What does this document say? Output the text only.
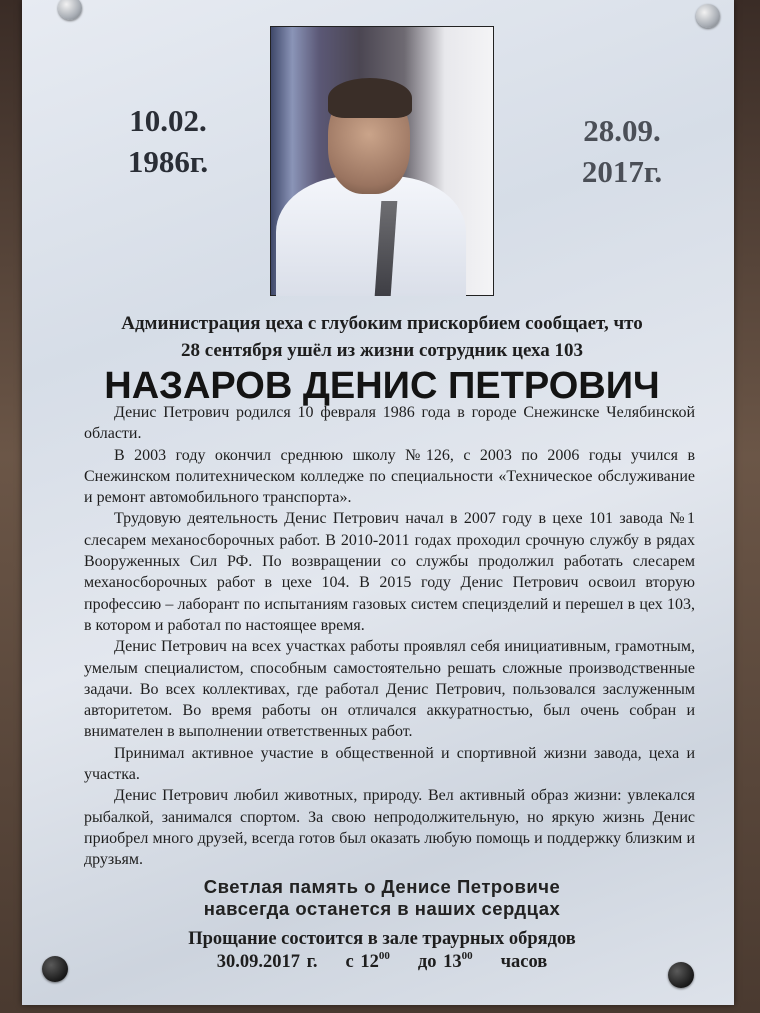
10.02.
1986г.
28.09.
2017г.
Администрация цеха с глубоким прискорбием сообщает, что
28 сентября ушёл из жизни сотрудник цеха 103
НАЗАРОВ ДЕНИС ПЕТРОВИЧ

Денис Петрович родился 10 февраля 1986 года в городе Снежинске Челябинской области.

В 2003 году окончил среднюю школу №126, с 2003 по 2006 годы учился в Снежинском политехническом колледже по специальности «Техническое обслуживание и ремонт автомобильного транспорта».

Трудовую деятельность Денис Петрович начал в 2007 году в цехе 101 завода №1 слесарем механосборочных работ. В 2010-2011 годах проходил срочную службу в рядах Вооруженных Сил РФ. По возвращении со службы продолжил работать слесарем механосборочных работ в цехе 104. В 2015 году Денис Петрович освоил вторую профессию – лаборант по испытаниям газовых систем специзделий и перешел в цех 103, в котором и работал по настоящее время.

Денис Петрович на всех участках работы проявлял себя инициативным, грамотным, умелым специалистом, способным самостоятельно решать сложные производственные задачи. Во всех коллективах, где работал Денис Петрович, пользовался заслуженным авторитетом. Во время работы он отличался аккуратностью, был очень собран и внимателен в выполнении ответственных работ.

Принимал активное участие в общественной и спортивной жизни завода, цеха и участка.

Денис Петрович любил животных, природу. Вел активный образ жизни: увлекался рыбалкой, занимался спортом. За свою непродолжительную, но яркую жизнь Денис приобрел много друзей, всегда готов был оказать любую помощь и поддержку близким и друзьям.

Светлая память о Денисе Петровиче
навсегда останется в наших сердцах
Прощание состоится в зале траурных обрядов
30.09.2017 г. с $12^{00}$ до $13^{00}$ часов
